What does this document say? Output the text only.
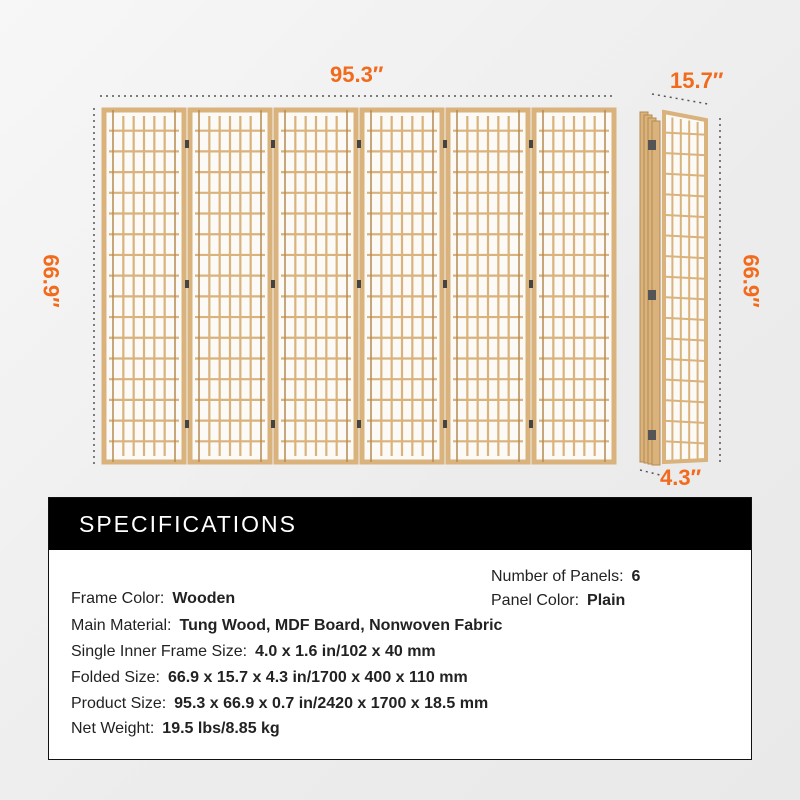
95.3″	15.7″
66.9″	66.9″
4.3″
SPECIFICATIONS
Number of Panels: 6
Frame Color: Wooden	Panel Color: Plain
Main Material: Tung Wood, MDF Board, Nonwoven Fabric
Single Inner Frame Size: 4.0 x 1.6 in/102 x 40 mm
Folded Size: 66.9 x 15.7 x 4.3 in/1700 x 400 x 110 mm
Product Size: 95.3 x 66.9 x 0.7 in/2420 x 1700 x 18.5 mm
Net Weight: 19.5 lbs/8.85 kg
